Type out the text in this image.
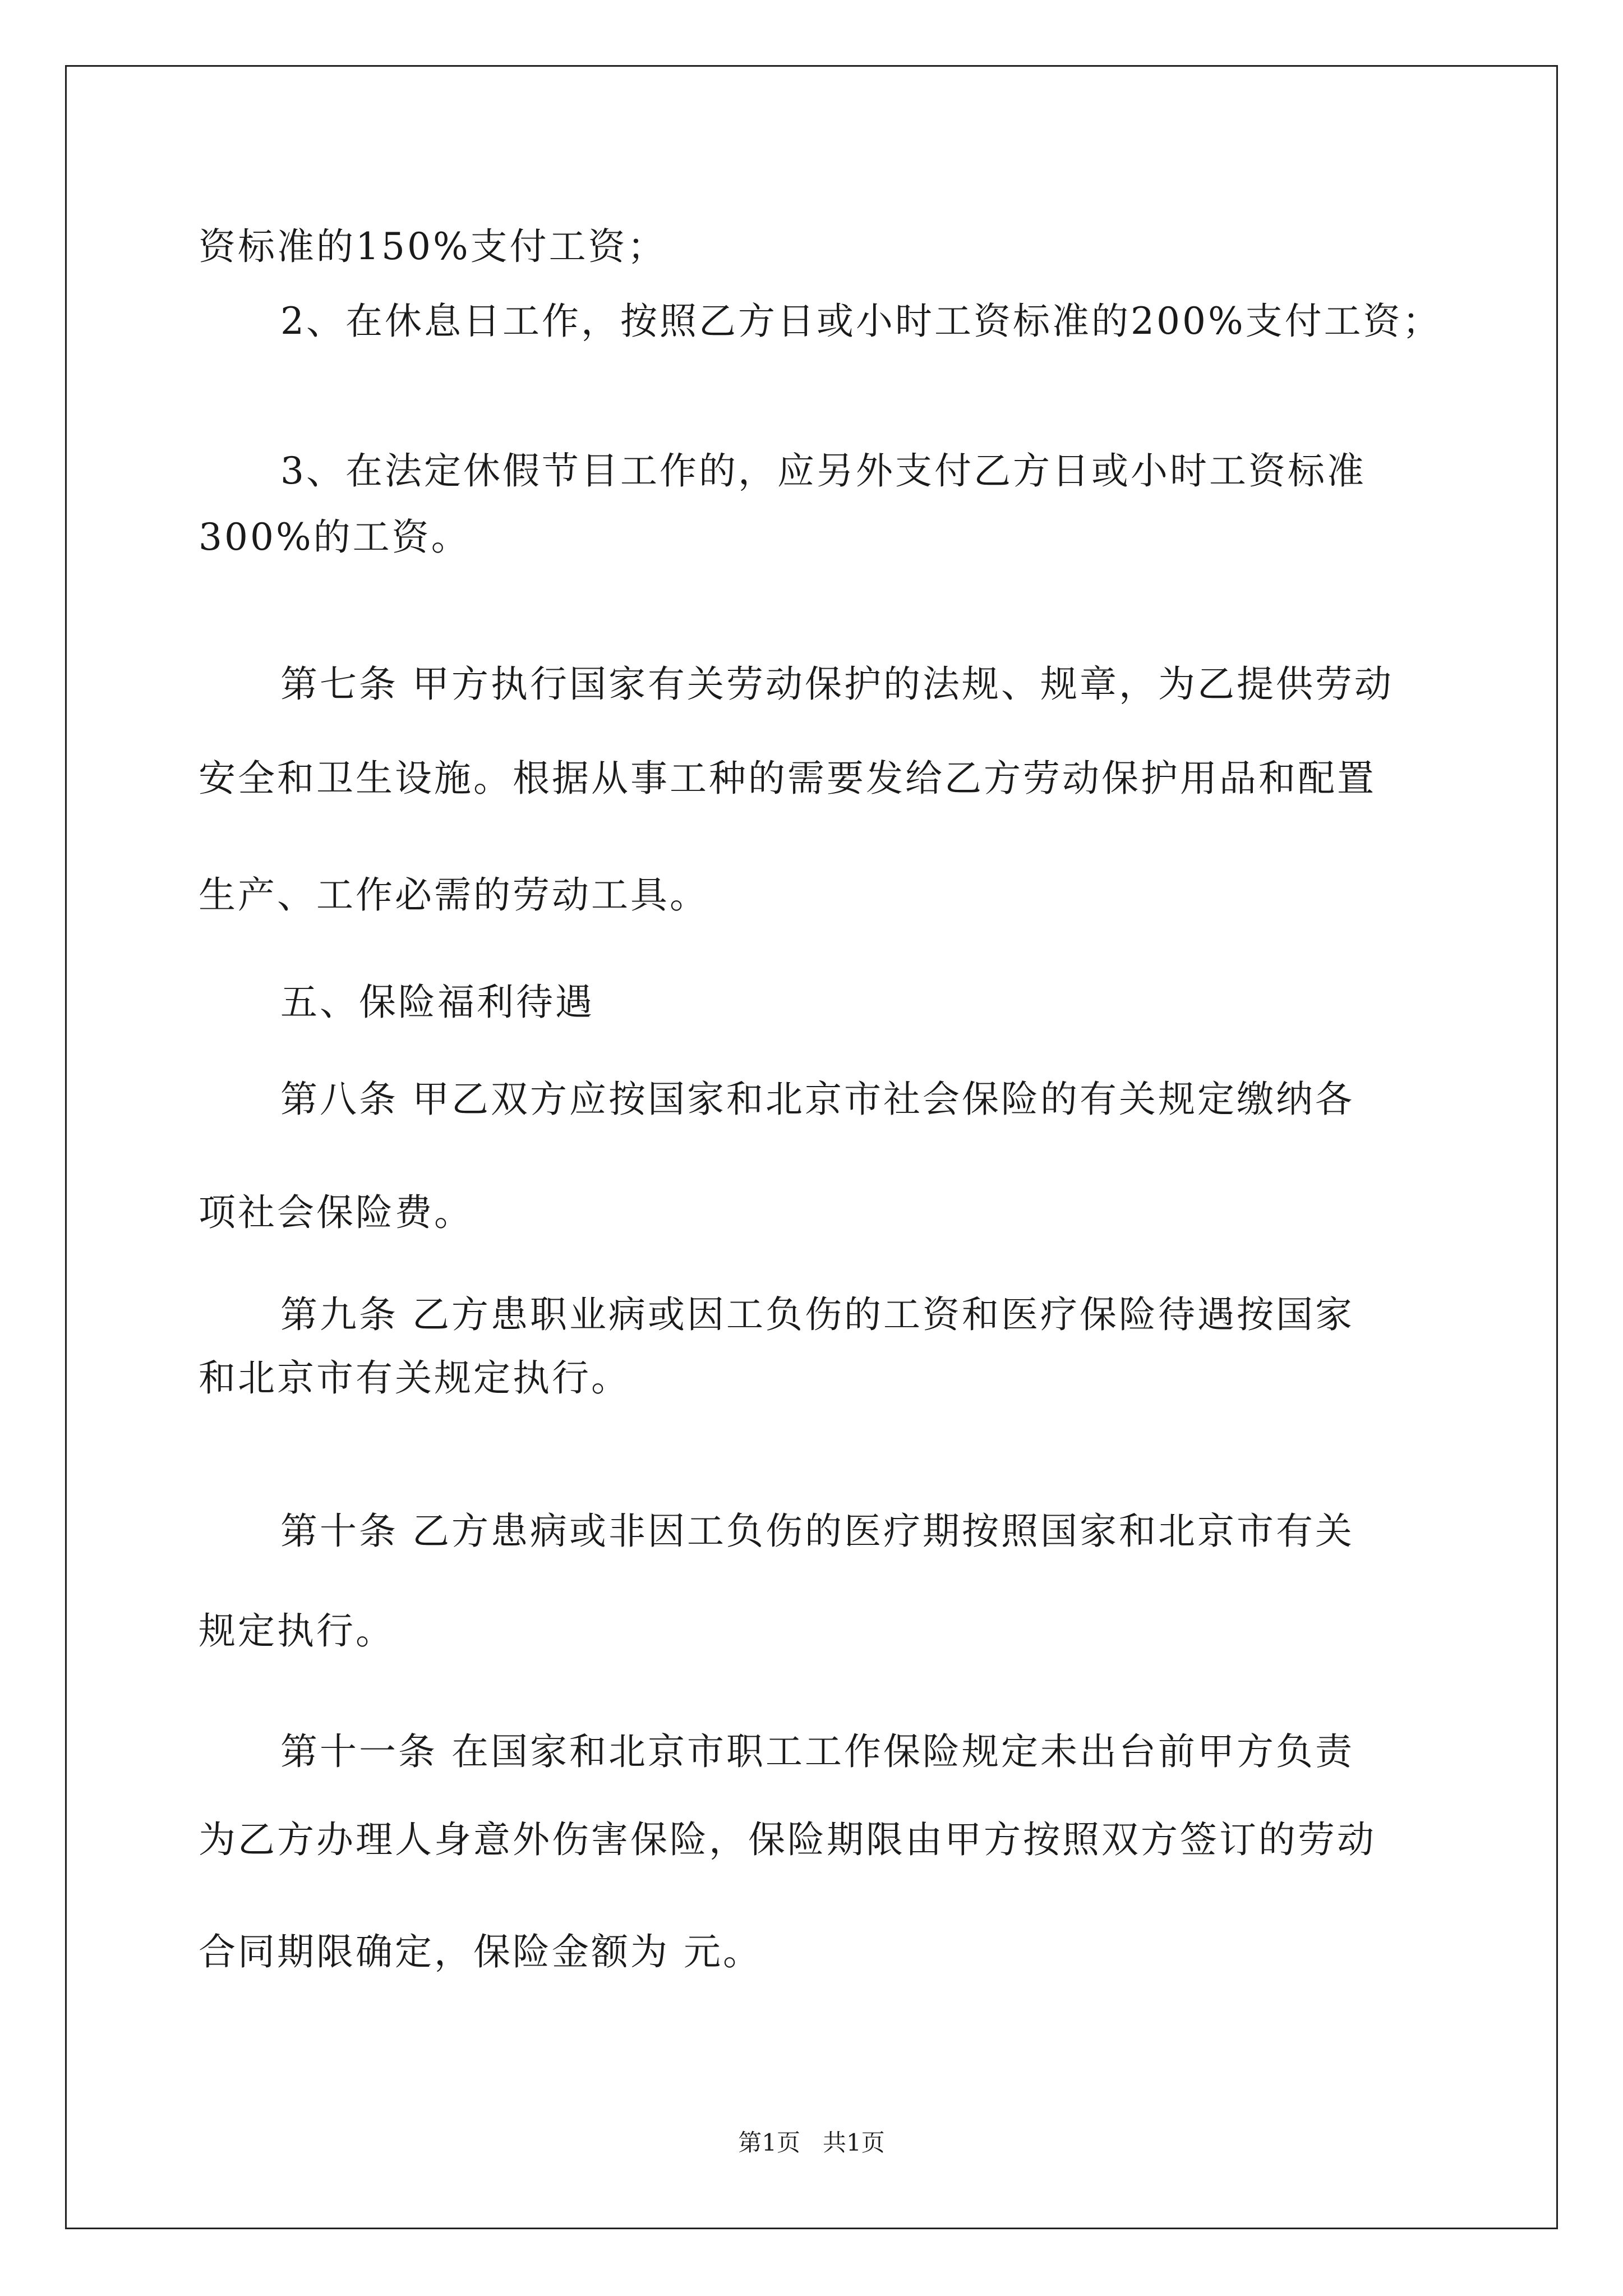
资标准的150%支付工资；
2、在休息日工作，按照乙方日或小时工资标准的200%支付工资；
3、在法定休假节目工作的，应另外支付乙方日或小时工资标准
300%的工资。
第七条 甲方执行国家有关劳动保护的法规、规章，为乙提供劳动
安全和卫生设施。根据从事工种的需要发给乙方劳动保护用品和配置
生产、工作必需的劳动工具。
五、保险福利待遇
第八条 甲乙双方应按国家和北京市社会保险的有关规定缴纳各
项社会保险费。
第九条 乙方患职业病或因工负伤的工资和医疗保险待遇按国家
和北京市有关规定执行。
第十条 乙方患病或非因工负伤的医疗期按照国家和北京市有关
规定执行。
第十一条 在国家和北京市职工工作保险规定未出台前甲方负责
为乙方办理人身意外伤害保险，保险期限由甲方按照双方签订的劳动
合同期限确定，保险金额为 元。
第1页   共1页
